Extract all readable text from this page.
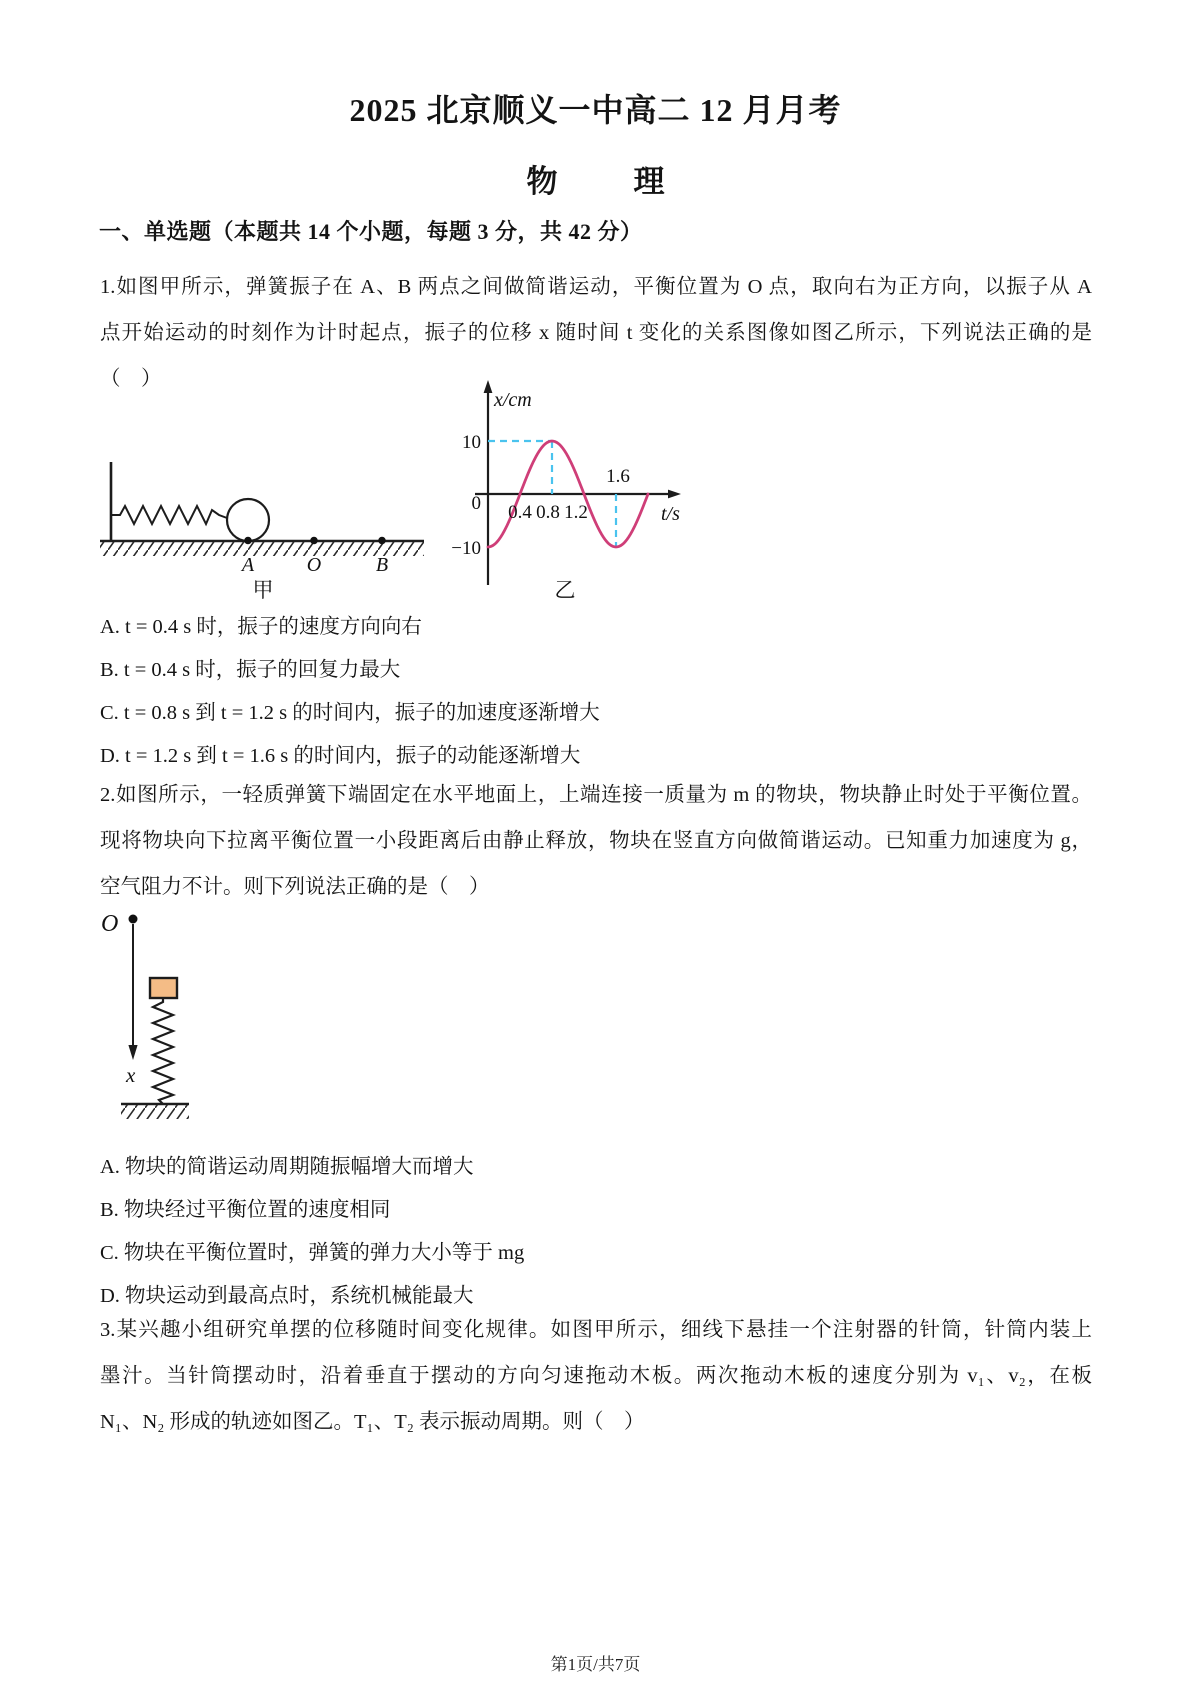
2025 北京顺义一中高二 12 月月考
物 理
一、单选题（本题共 14 个小题，每题 3 分，共 42 分）
1.如图甲所示，弹簧振子在 A、B 两点之间做简谐运动，平衡位置为 O 点，取向右为正方向，以振子从 A
点开始运动的时刻作为计时起点，振子的位移 x 随时间 t 变化的关系图像如图乙所示，下列说法正确的是
（　）
A	O	B
x/cm
t/s
10
0
−10
0.4 0.8 1.2
1.6
甲	乙
A. t = 0.4 s 时，振子的速度方向向右
B. t = 0.4 s 时，振子的回复力最大
C. t = 0.8 s 到 t = 1.2 s 的时间内，振子的加速度逐渐增大
D. t = 1.2 s 到 t = 1.6 s 的时间内，振子的动能逐渐增大
2.如图所示，一轻质弹簧下端固定在水平地面上，上端连接一质量为 m 的物块，物块静止时处于平衡位置。
现将物块向下拉离平衡位置一小段距离后由静止释放，物块在竖直方向做简谐运动。已知重力加速度为 g，
空气阻力不计。则下列说法正确的是（　）
O
x
A. 物块的简谐运动周期随振幅增大而增大
B. 物块经过平衡位置的速度相同
C. 物块在平衡位置时，弹簧的弹力大小等于 mg
D. 物块运动到最高点时，系统机械能最大
3.某兴趣小组研究单摆的位移随时间变化规律。如图甲所示，细线下悬挂一个注射器的针筒，针筒内装上
墨汁。当针筒摆动时，沿着垂直于摆动的方向匀速拖动木板。两次拖动木板的速度分别为 v₁、v₂，在板
N₁、N₂ 形成的轨迹如图乙。T₁、T₂ 表示振动周期。则（　）
第1页/共7页
